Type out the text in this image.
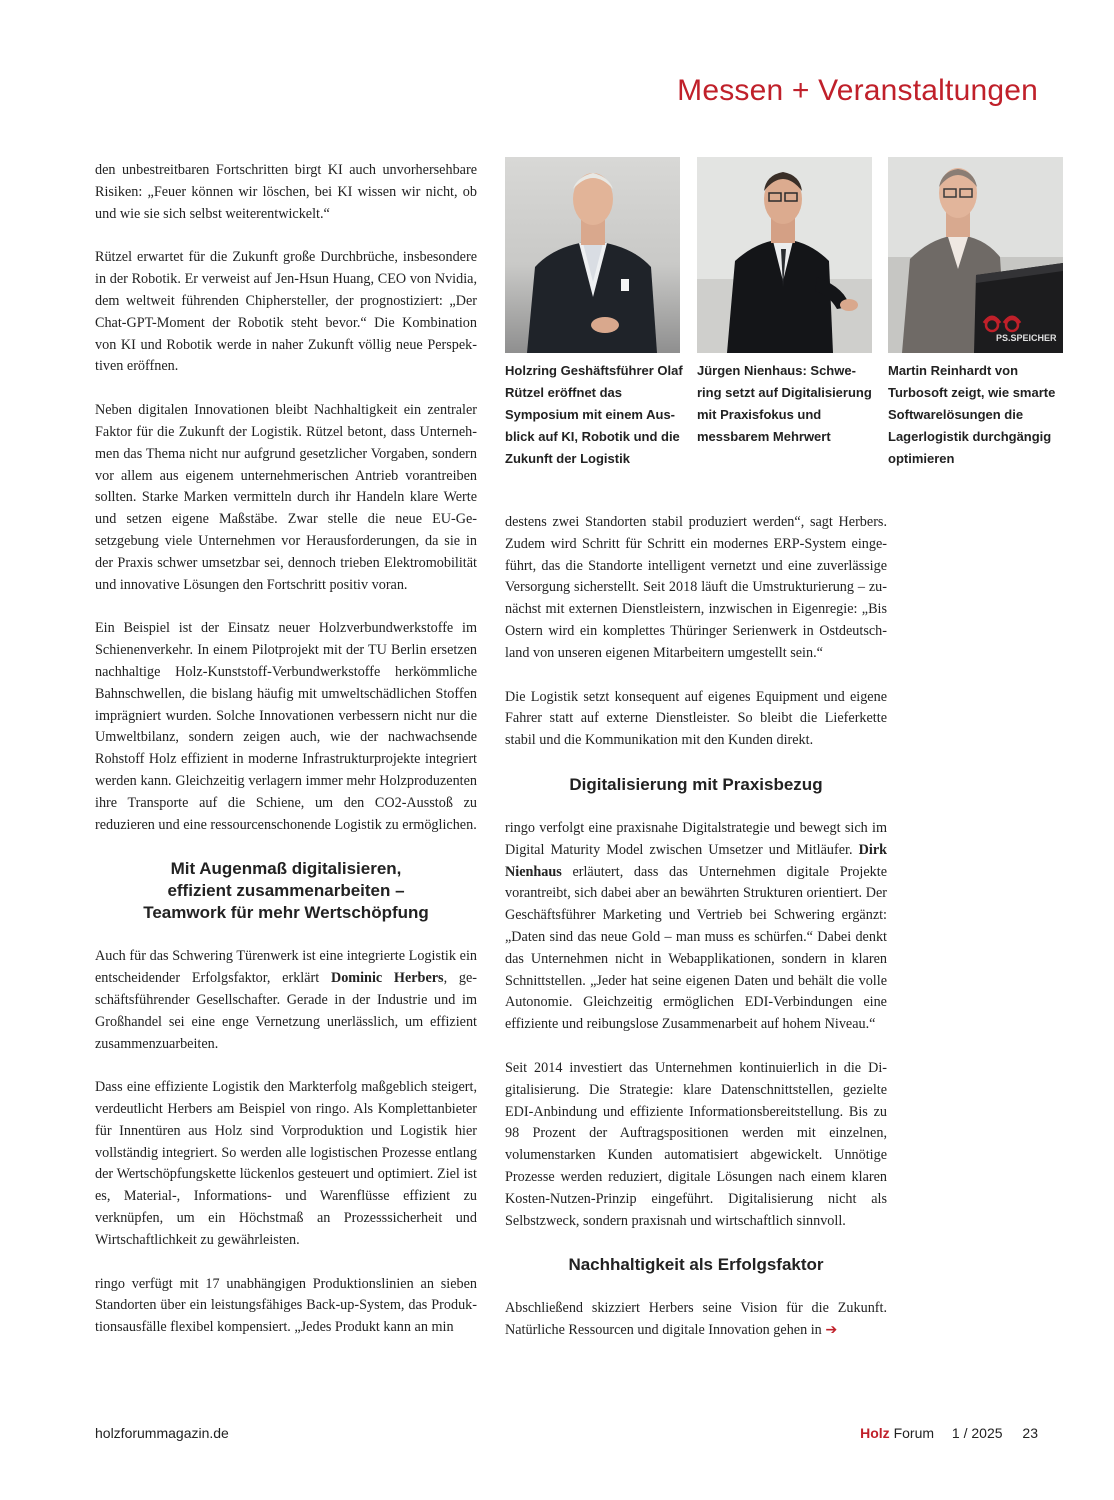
Messen + Veranstaltungen

den unbestreitbaren Fortschritten birgt KI auch unvorhersehbare Risiken: „Feuer können wir löschen, bei KI wissen wir nicht, ob und wie sie sich selbst weiterentwickelt.“

Rützel erwartet für die Zukunft große Durchbrüche, insbesondere in der Robotik. Er verweist auf Jen-Hsun Huang, CEO von Nvidia, dem weltweit führenden Chiphersteller, der prognostiziert: „Der Chat-GPT-Moment der Robotik steht bevor.“ Die Kombination von KI und Robotik werde in naher Zukunft völlig neue Perspektiven eröffnen.

Neben digitalen Innovationen bleibt Nachhaltigkeit ein zentraler Faktor für die Zukunft der Logistik. Rützel betont, dass Unternehmen das Thema nicht nur aufgrund gesetzlicher Vorgaben, sondern vor allem aus eigenem unternehmerischen Antrieb vorantreiben sollten. Starke Marken vermitteln durch ihr Handeln klare Werte und setzen eigene Maßstäbe. Zwar stelle die neue EU-Gesetzgebung viele Unternehmen vor Herausforderungen, da sie in der Praxis schwer umsetzbar sei, dennoch trieben Elektromobilität und innovative Lösungen den Fortschritt positiv voran.

Ein Beispiel ist der Einsatz neuer Holzverbundwerkstoffe im Schienenverkehr. In einem Pilotprojekt mit der TU Berlin ersetzen nachhaltige Holz-Kunststoff-Verbundwerkstoffe herkömmliche Bahnschwellen, die bislang häufig mit umweltschädlichen Stoffen imprägniert wurden. Solche Innovationen verbessern nicht nur die Umweltbilanz, sondern zeigen auch, wie der nachwachsende Rohstoff Holz effizient in moderne Infrastrukturprojekte integriert werden kann. Gleichzeitig verlagern immer mehr Holzproduzenten ihre Transporte auf die Schiene, um den CO2-Ausstoß zu reduzieren und eine ressourcenschonende Logistik zu ermöglichen.

Mit Augenmaß digitalisieren,
effizient zusammenarbeiten –
Teamwork für mehr Wertschöpfung

Auch für das Schwering Türenwerk ist eine integrierte Logistik ein entscheidender Erfolgsfaktor, erklärt Dominic Herbers, geschäftsführender Gesellschafter. Gerade in der Industrie und im Großhandel sei eine enge Vernetzung unerlässlich, um effizient zusammenzuarbeiten.

Dass eine effiziente Logistik den Markterfolg maßgeblich steigert, verdeutlicht Herbers am Beispiel von ringo. Als Komplettanbieter für Innentüren aus Holz sind Vorproduktion und Logistik hier vollständig integriert. So werden alle logistischen Prozesse entlang der Wertschöpfungskette lückenlos gesteuert und optimiert. Ziel ist es, Material-, Informations- und Warenflüsse effizient zu verknüpfen, um ein Höchstmaß an Prozesssicherheit und Wirtschaftlichkeit zu gewährleisten.

ringo verfügt mit 17 unabhängigen Produktionslinien an sieben Standorten über ein leistungsfähiges Back-up-System, das Produktionsausfälle flexibel kompensiert. „Jedes Produkt kann an min

PS.SPEICHER

Holzring Geshäftsführer Olaf Rützel eröffnet das Symposium mit einem Ausblick auf KI, Robotik und die Zukunft der Logistik

Jürgen Nienhaus: Schwering setzt auf Digitalisierung mit Praxisfokus und messbarem Mehrwert

Martin Reinhardt von Turbosoft zeigt, wie smarte Softwarelösungen die Lagerlogistik durchgängig optimieren

destens zwei Standorten stabil produziert werden“, sagt Herbers. Zudem wird Schritt für Schritt ein modernes ERP-System eingeführt, das die Standorte intelligent vernetzt und eine zuverlässige Versorgung sicherstellt. Seit 2018 läuft die Umstrukturierung – zunächst mit externen Dienstleistern, inzwischen in Eigenregie: „Bis Ostern wird ein komplettes Thüringer Serienwerk in Ostdeutschland von unseren eigenen Mitarbeitern umgestellt sein.“

Die Logistik setzt konsequent auf eigenes Equipment und eigene Fahrer statt auf externe Dienstleister. So bleibt die Lieferkette stabil und die Kommunikation mit den Kunden direkt.

Digitalisierung mit Praxisbezug

ringo verfolgt eine praxisnahe Digitalstrategie und bewegt sich im Digital Maturity Model zwischen Umsetzer und Mitläufer. Dirk Nienhaus erläutert, dass das Unternehmen digitale Projekte vorantreibt, sich dabei aber an bewährten Strukturen orientiert. Der Geschäftsführer Marketing und Vertrieb bei Schwering ergänzt: „Daten sind das neue Gold – man muss es schürfen.“ Dabei denkt das Unternehmen nicht in Webapplikationen, sondern in klaren Schnittstellen. „Jeder hat seine eigenen Daten und behält die volle Autonomie. Gleichzeitig ermöglichen EDI-Verbindungen eine effiziente und reibungslose Zusammenarbeit auf hohem Niveau.“

Seit 2014 investiert das Unternehmen kontinuierlich in die Digitalisierung. Die Strategie: klare Datenschnittstellen, gezielte EDI-Anbindung und effiziente Informationsbereitstellung. Bis zu 98 Prozent der Auftragspositionen werden mit einzelnen, volumenstarken Kunden automatisiert abgewickelt. Unnötige Prozesse werden reduziert, digitale Lösungen nach einem klaren Kosten-Nutzen-Prinzip eingeführt. Digitalisierung nicht als Selbstzweck, sondern praxisnah und wirtschaftlich sinnvoll.

Nachhaltigkeit als Erfolgsfaktor

Abschließend skizziert Herbers seine Vision für die Zukunft. Natürliche Ressourcen und digitale Innovation gehen in ➔

holzforummagazin.de	Holz Forum 1 / 2025 23
